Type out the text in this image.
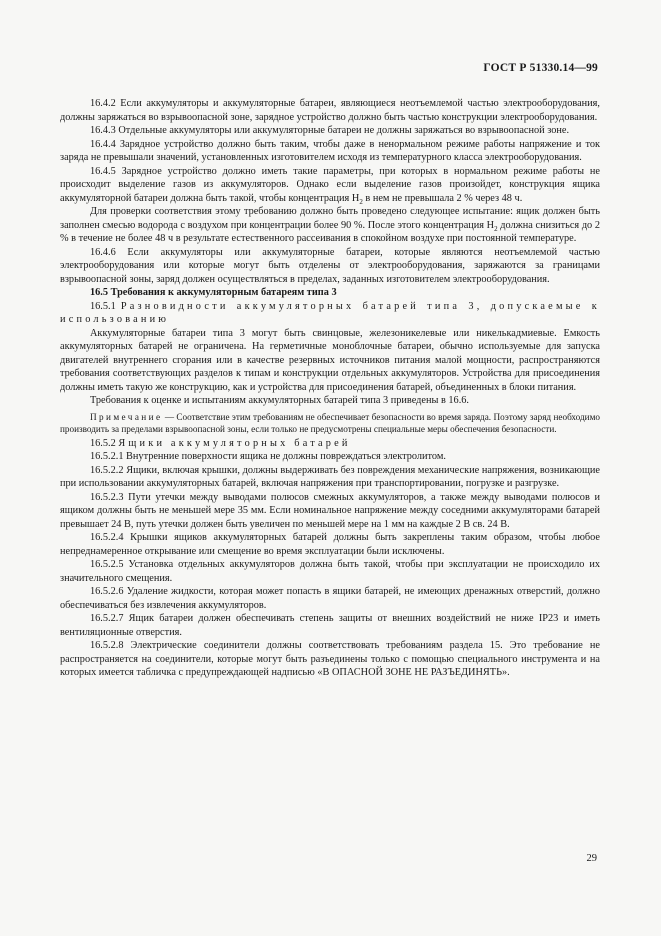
ГОСТ Р 51330.14—99

16.4.2 Если аккумуляторы и аккумуляторные батареи, являющиеся неотъемлемой частью электрооборудования, должны заряжаться во взрывоопасной зоне, зарядное устройство должно быть частью конструкции электрооборудования.

16.4.3 Отдельные аккумуляторы или аккумуляторные батареи не должны заряжаться во взрывоопасной зоне.

16.4.4 Зарядное устройство должно быть таким, чтобы даже в ненормальном режиме работы напряжение и ток заряда не превышали значений, установленных изготовителем исходя из температурного класса электрооборудования.

16.4.5 Зарядное устройство должно иметь такие параметры, при которых в нормальном режиме работы не происходит выделение газов из аккумуляторов. Однако если выделение газов произойдет, конструкция ящика аккумуляторной батареи должна быть такой, чтобы концентрация $H_2$ в нем не превышала 2 % через 48 ч.

Для проверки соответствия этому требованию должно быть проведено следующее испытание: ящик должен быть заполнен смесью водорода с воздухом при концентрации более 90 %. После этого концентрация $H_2$ должна снизиться до 2 % в течение не более 48 ч в результате естественного рассеивания в спокойном воздухе при постоянной температуре.

16.4.6 Если аккумуляторы или аккумуляторные батареи, которые являются неотъемлемой частью электрооборудования или которые могут быть отделены от электрооборудования, заряжаются за границами взрывоопасной зоны, заряд должен осуществляться в пределах, заданных изготовителем электрооборудования.

16.5 Требования к аккумуляторным батареям типа 3

16.5.1 Разновидности аккумуляторных батарей типа 3, допускаемые к использованию

Аккумуляторные батареи типа 3 могут быть свинцовые, железоникелевые или никелькадмиевые. Емкость аккумуляторных батарей не ограничена. На герметичные моноблочные батареи, обычно используемые для запуска двигателей внутреннего сгорания или в качестве резервных источников питания малой мощности, распространяются требования соответствующих разделов к типам и конструкции отдельных аккумуляторов. Устройства для присоединения должны иметь такую же конструкцию, как и устройства для присоединения батарей, объединенных в блоки питания.

Требования к оценке и испытаниям аккумуляторных батарей типа 3 приведены в 16.6.

Примечание — Соответствие этим требованиям не обеспечивает безопасности во время заряда. Поэтому заряд необходимо производить за пределами взрывоопасной зоны, если только не предусмотрены специальные меры обеспечения безопасности.

16.5.2 Ящики аккумуляторных батарей

16.5.2.1 Внутренние поверхности ящика не должны повреждаться электролитом.

16.5.2.2 Ящики, включая крышки, должны выдерживать без повреждения механические напряжения, возникающие при использовании аккумуляторных батарей, включая напряжения при транспортировании, погрузке и разгрузке.

16.5.2.3 Пути утечки между выводами полюсов смежных аккумуляторов, а также между выводами полюсов и ящиком должны быть не меньшей мере 35 мм. Если номинальное напряжение между соседними аккумуляторами батарей превышает 24 В, путь утечки должен быть увеличен по меньшей мере на 1 мм на каждые 2 В св. 24 В.

16.5.2.4 Крышки ящиков аккумуляторных батарей должны быть закреплены таким образом, чтобы любое непреднамеренное открывание или смещение во время эксплуатации были исключены.

16.5.2.5 Установка отдельных аккумуляторов должна быть такой, чтобы при эксплуатации не происходило их значительного смещения.

16.5.2.6 Удаление жидкости, которая может попасть в ящики батарей, не имеющих дренажных отверстий, должно обеспечиваться без извлечения аккумуляторов.

16.5.2.7 Ящик батареи должен обеспечивать степень защиты от внешних воздействий не ниже IP23 и иметь вентиляционные отверстия.

16.5.2.8 Электрические соединители должны соответствовать требованиям раздела 15. Это требование не распространяется на соединители, которые могут быть разъединены только с помощью специального инструмента и на которых имеется табличка с предупреждающей надписью «В ОПАСНОЙ ЗОНЕ НЕ РАЗЪЕДИНЯТЬ».

29
